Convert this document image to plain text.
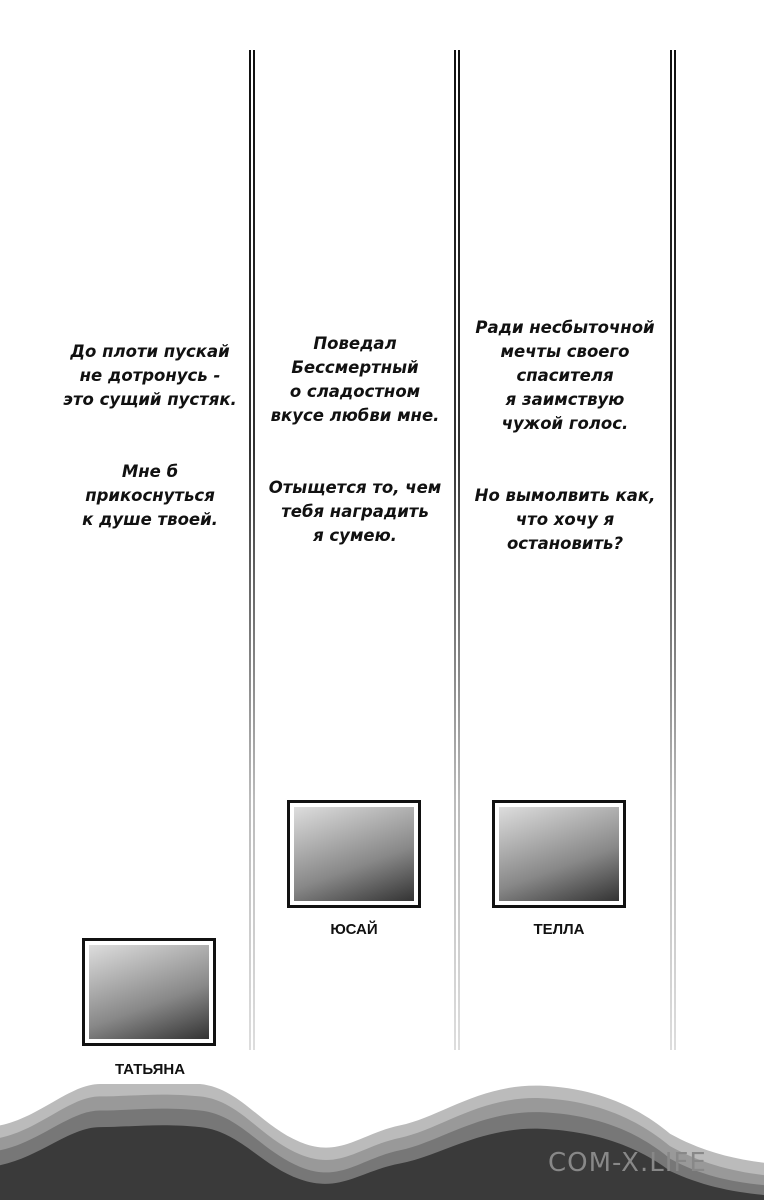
До плоти пускай
не дотронусь -
это сущий пустяк.

Мне б
прикоснуться
к душе твоей.

Поведал
Бессмертный
о сладостном
вкусе любви мне.

Отыщется то, чем
тебя наградить
я сумею.

Ради несбыточной
мечты своего
спасителя
я заимствую
чужой голос.

Но вымолвить как,
что хочу я
остановить?

ТАТЬЯНА
ЮСАЙ	ТЕЛЛА
COM-X.LIFE
